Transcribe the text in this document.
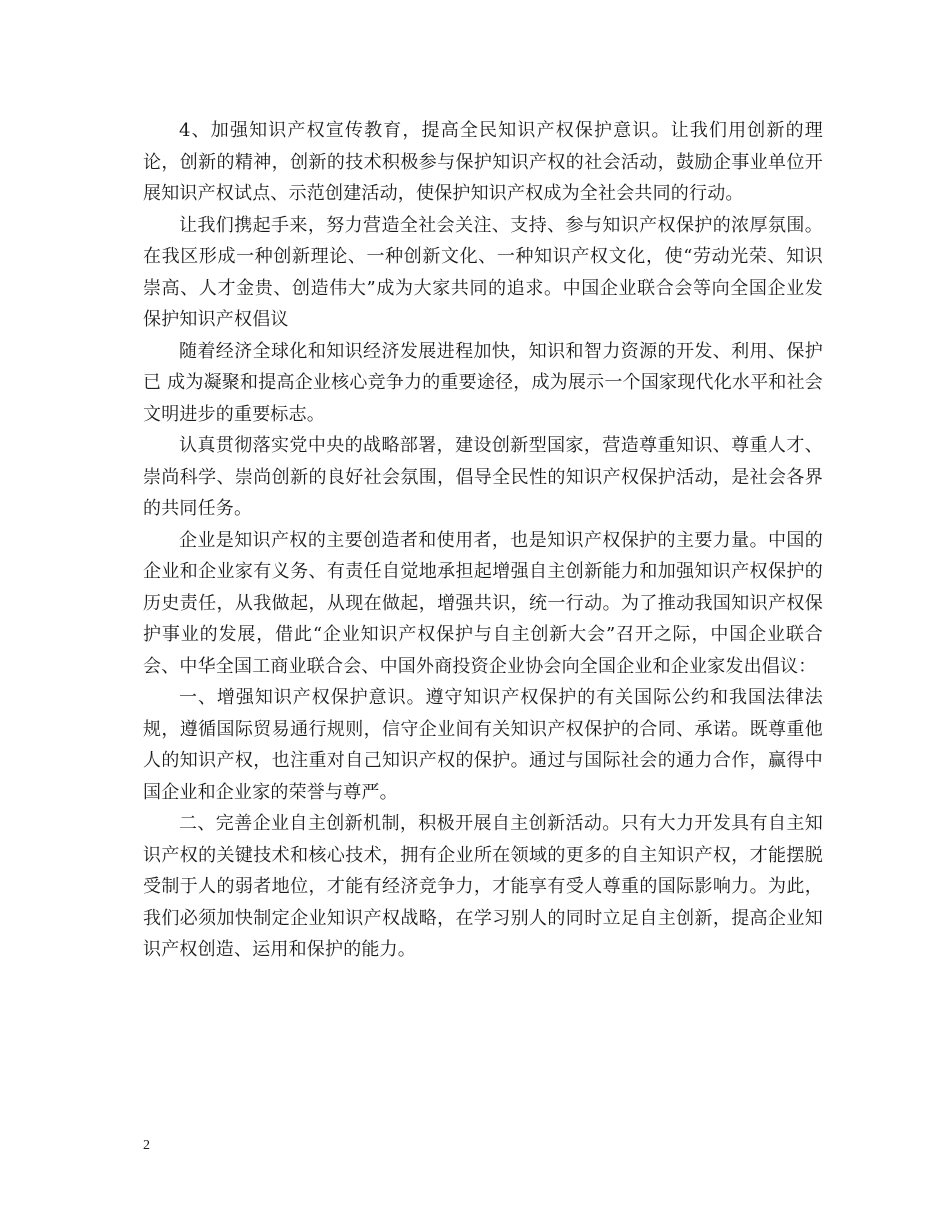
4、加强知识产权宣传教育，提高全民知识产权保护意识。让我们用创新的理论，创新的精神，创新的技术积极参与保护知识产权的社会活动，鼓励企事业单位开展知识产权试点、示范创建活动，使保护知识产权成为全社会共同的行动。

让我们携起手来，努力营造全社会关注、支持、参与知识产权保护的浓厚氛围。在我区形成一种创新理论、一种创新文化、一种知识产权文化，使“劳动光荣、知识崇高、人才金贵、创造伟大”成为大家共同的追求。中国企业联合会等向全国企业发保护知识产权倡议

随着经济全球化和知识经济发展进程加快，知识和智力资源的开发、利用、保护已 成为凝聚和提高企业核心竞争力的重要途径，成为展示一个国家现代化水平和社会文明进步的重要标志。

认真贯彻落实党中央的战略部署，建设创新型国家，营造尊重知识、尊重人才、崇尚科学、崇尚创新的良好社会氛围，倡导全民性的知识产权保护活动，是社会各界的共同任务。

企业是知识产权的主要创造者和使用者，也是知识产权保护的主要力量。中国的企业和企业家有义务、有责任自觉地承担起增强自主创新能力和加强知识产权保护的历史责任，从我做起，从现在做起，增强共识，统一行动。为了推动我国知识产权保护事业的发展，借此“企业知识产权保护与自主创新大会”召开之际，中国企业联合会、中华全国工商业联合会、中国外商投资企业协会向全国企业和企业家发出倡议：

一、增强知识产权保护意识。遵守知识产权保护的有关国际公约和我国法律法规，遵循国际贸易通行规则，信守企业间有关知识产权保护的合同、承诺。既尊重他人的知识产权，也注重对自己知识产权的保护。通过与国际社会的通力合作，赢得中国企业和企业家的荣誉与尊严。

二、完善企业自主创新机制，积极开展自主创新活动。只有大力开发具有自主知识产权的关键技术和核心技术，拥有企业所在领域的更多的自主知识产权，才能摆脱受制于人的弱者地位，才能有经济竞争力，才能享有受人尊重的国际影响力。为此，我们必须加快制定企业知识产权战略，在学习别人的同时立足自主创新，提高企业知识产权创造、运用和保护的能力。

2
